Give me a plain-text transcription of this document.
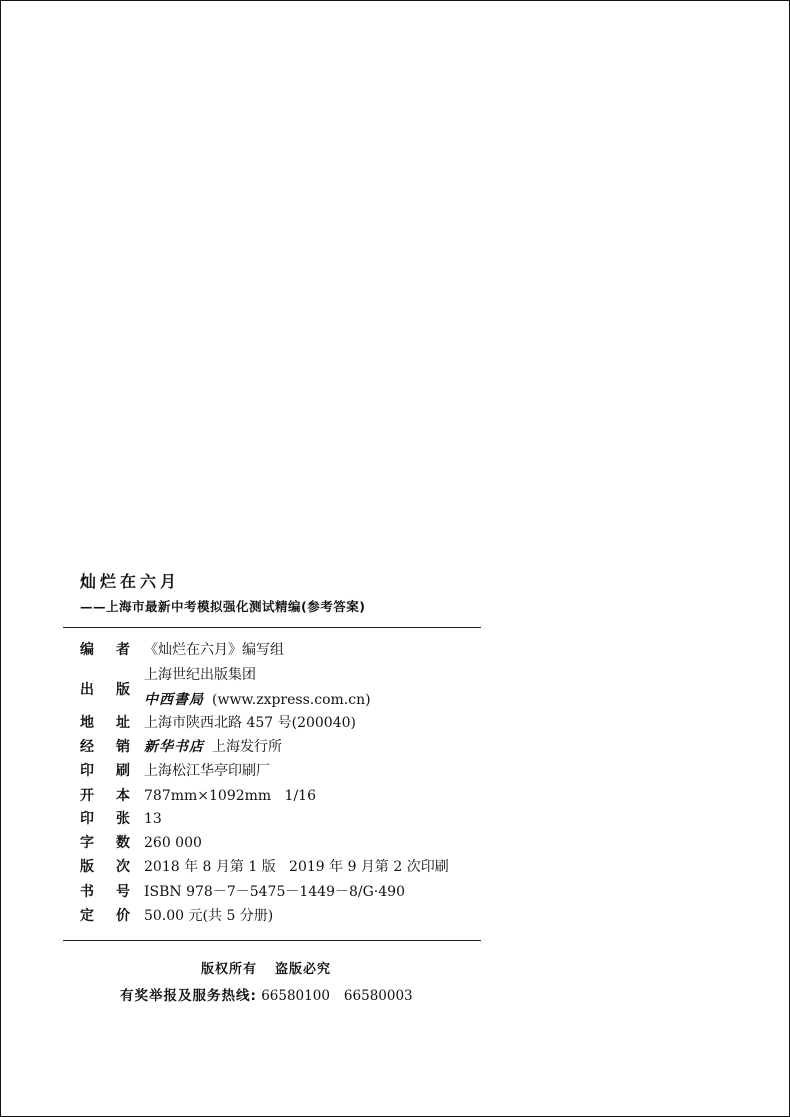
灿烂在六月
——上海市最新中考模拟强化测试精编(参考答案)
编 者 《灿烂在六月》编写组
出 版
上海世纪出版集团
中西書局 (www.zxpress.com.cn)
地 址 上海市陕西北路 457 号(200040)
经 销 新华书店 上海发行所
印 刷 上海松江华亭印刷厂
开 本 787mm×1092mm   1/16
印 张 13
字 数 260 000
版 次 2018 年 8 月第 1 版   2019 年 9 月第 2 次印刷
书 号 ISBN 978－7－5475－1449－8/G·490
定 价 50.00 元(共 5 分册)
版权所有 盗版必究
有奖举报及服务热线: 66580100 66580003
